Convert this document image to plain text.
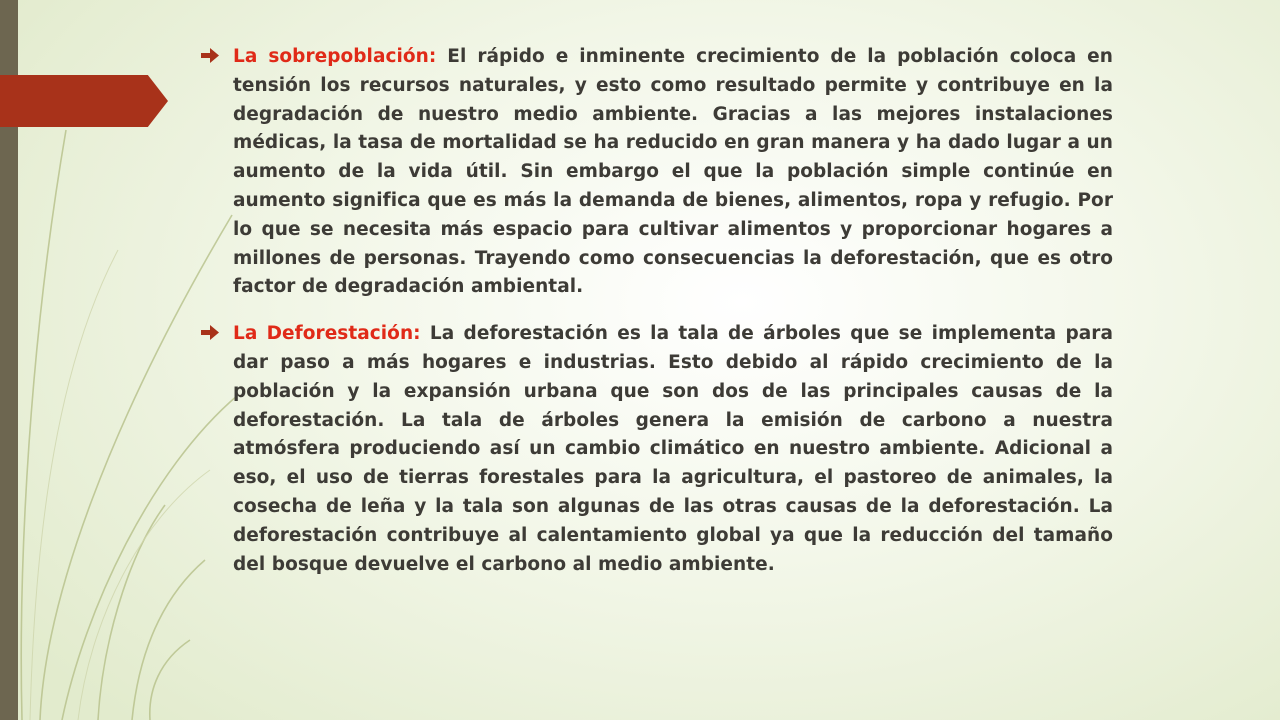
La sobrepoblación: El rápido e inminente crecimiento de la población coloca en tensión los recursos naturales, y esto como resultado permite y contribuye en la degradación de nuestro medio ambiente. Gracias a las mejores instalaciones médicas, la tasa de mortalidad se ha reducido en gran manera y ha dado lugar a un aumento de la vida útil. Sin embargo el que la población simple continúe en aumento significa que es más la demanda de bienes, alimentos, ropa y refugio. Por lo que se necesita más espacio para cultivar alimentos y proporcionar hogares a millones de personas. Trayendo como consecuencias la deforestación, que es otro factor de degradación ambiental.

La Deforestación: La deforestación es la tala de árboles que se implementa para dar paso a más hogares e industrias. Esto debido al rápido crecimiento de la población y la expansión urbana que son dos de las principales causas de la deforestación. La tala de árboles genera la emisión de carbono a nuestra atmósfera produciendo así un cambio climático en nuestro ambiente. Adicional a eso, el uso de tierras forestales para la agricultura, el pastoreo de animales, la cosecha de leña y la tala son algunas de las otras causas de la deforestación. La deforestación contribuye al calentamiento global ya que la reducción del tamaño del bosque devuelve el carbono al medio ambiente.
